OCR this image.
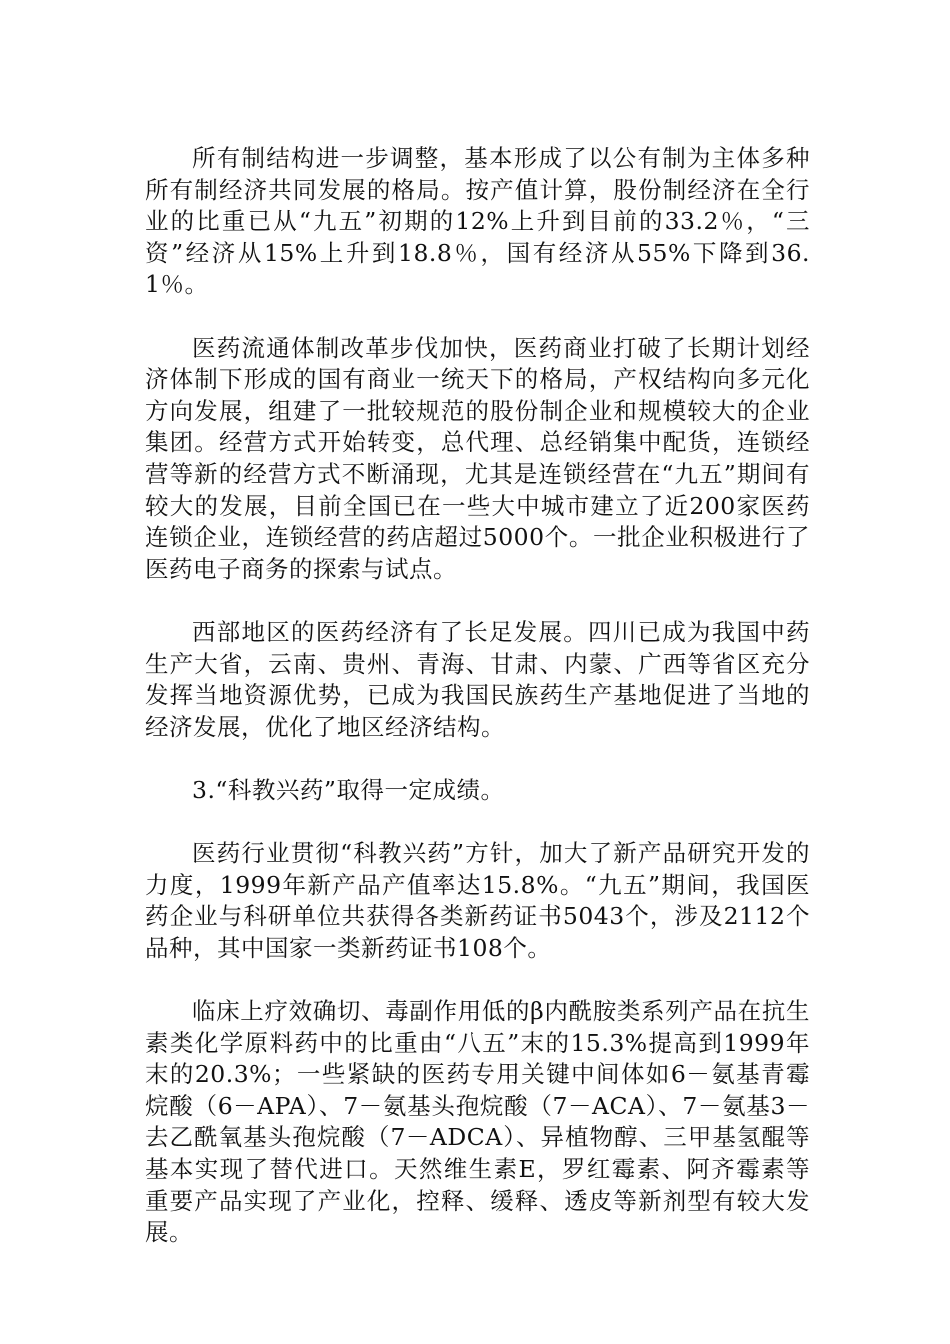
所有制结构进一步调整，基本形成了以公有制为主体多种所有制经济共同发展的格局。按产值计算，股份制经济在全行业的比重已从“九五”初期的12%上升到目前的33.2％，“三资”经济从15%上升到18.8％，国有经济从55%下降到36.1％。

医药流通体制改革步伐加快，医药商业打破了长期计划经济体制下形成的国有商业一统天下的格局，产权结构向多元化方向发展，组建了一批较规范的股份制企业和规模较大的企业集团。经营方式开始转变，总代理、总经销集中配货，连锁经营等新的经营方式不断涌现，尤其是连锁经营在“九五”期间有较大的发展，目前全国已在一些大中城市建立了近200家医药连锁企业，连锁经营的药店超过5000个。一批企业积极进行了医药电子商务的探索与试点。

西部地区的医药经济有了长足发展。四川已成为我国中药生产大省，云南、贵州、青海、甘肃、内蒙、广西等省区充分发挥当地资源优势，已成为我国民族药生产基地促进了当地的经济发展，优化了地区经济结构。

3.“科教兴药”取得一定成绩。

医药行业贯彻“科教兴药”方针，加大了新产品研究开发的力度，1999年新产品产值率达15.8%。“九五”期间，我国医药企业与科研单位共获得各类新药证书5043个，涉及2112个品种，其中国家一类新药证书108个。

临床上疗效确切、毒副作用低的β内酰胺类系列产品在抗生素类化学原料药中的比重由“八五”末的15.3%提高到1999年末的20.3%；一些紧缺的医药专用关键中间体如6－氨基青霉烷酸（6－APA）、7－氨基头孢烷酸（7－ACA）、7－氨基3－去乙酰氧基头孢烷酸（7－ADCA）、异植物醇、三甲基氢醌等基本实现了替代进口。天然维生素E，罗红霉素、阿齐霉素等重要产品实现了产业化，控释、缓释、透皮等新剂型有较大发展。
